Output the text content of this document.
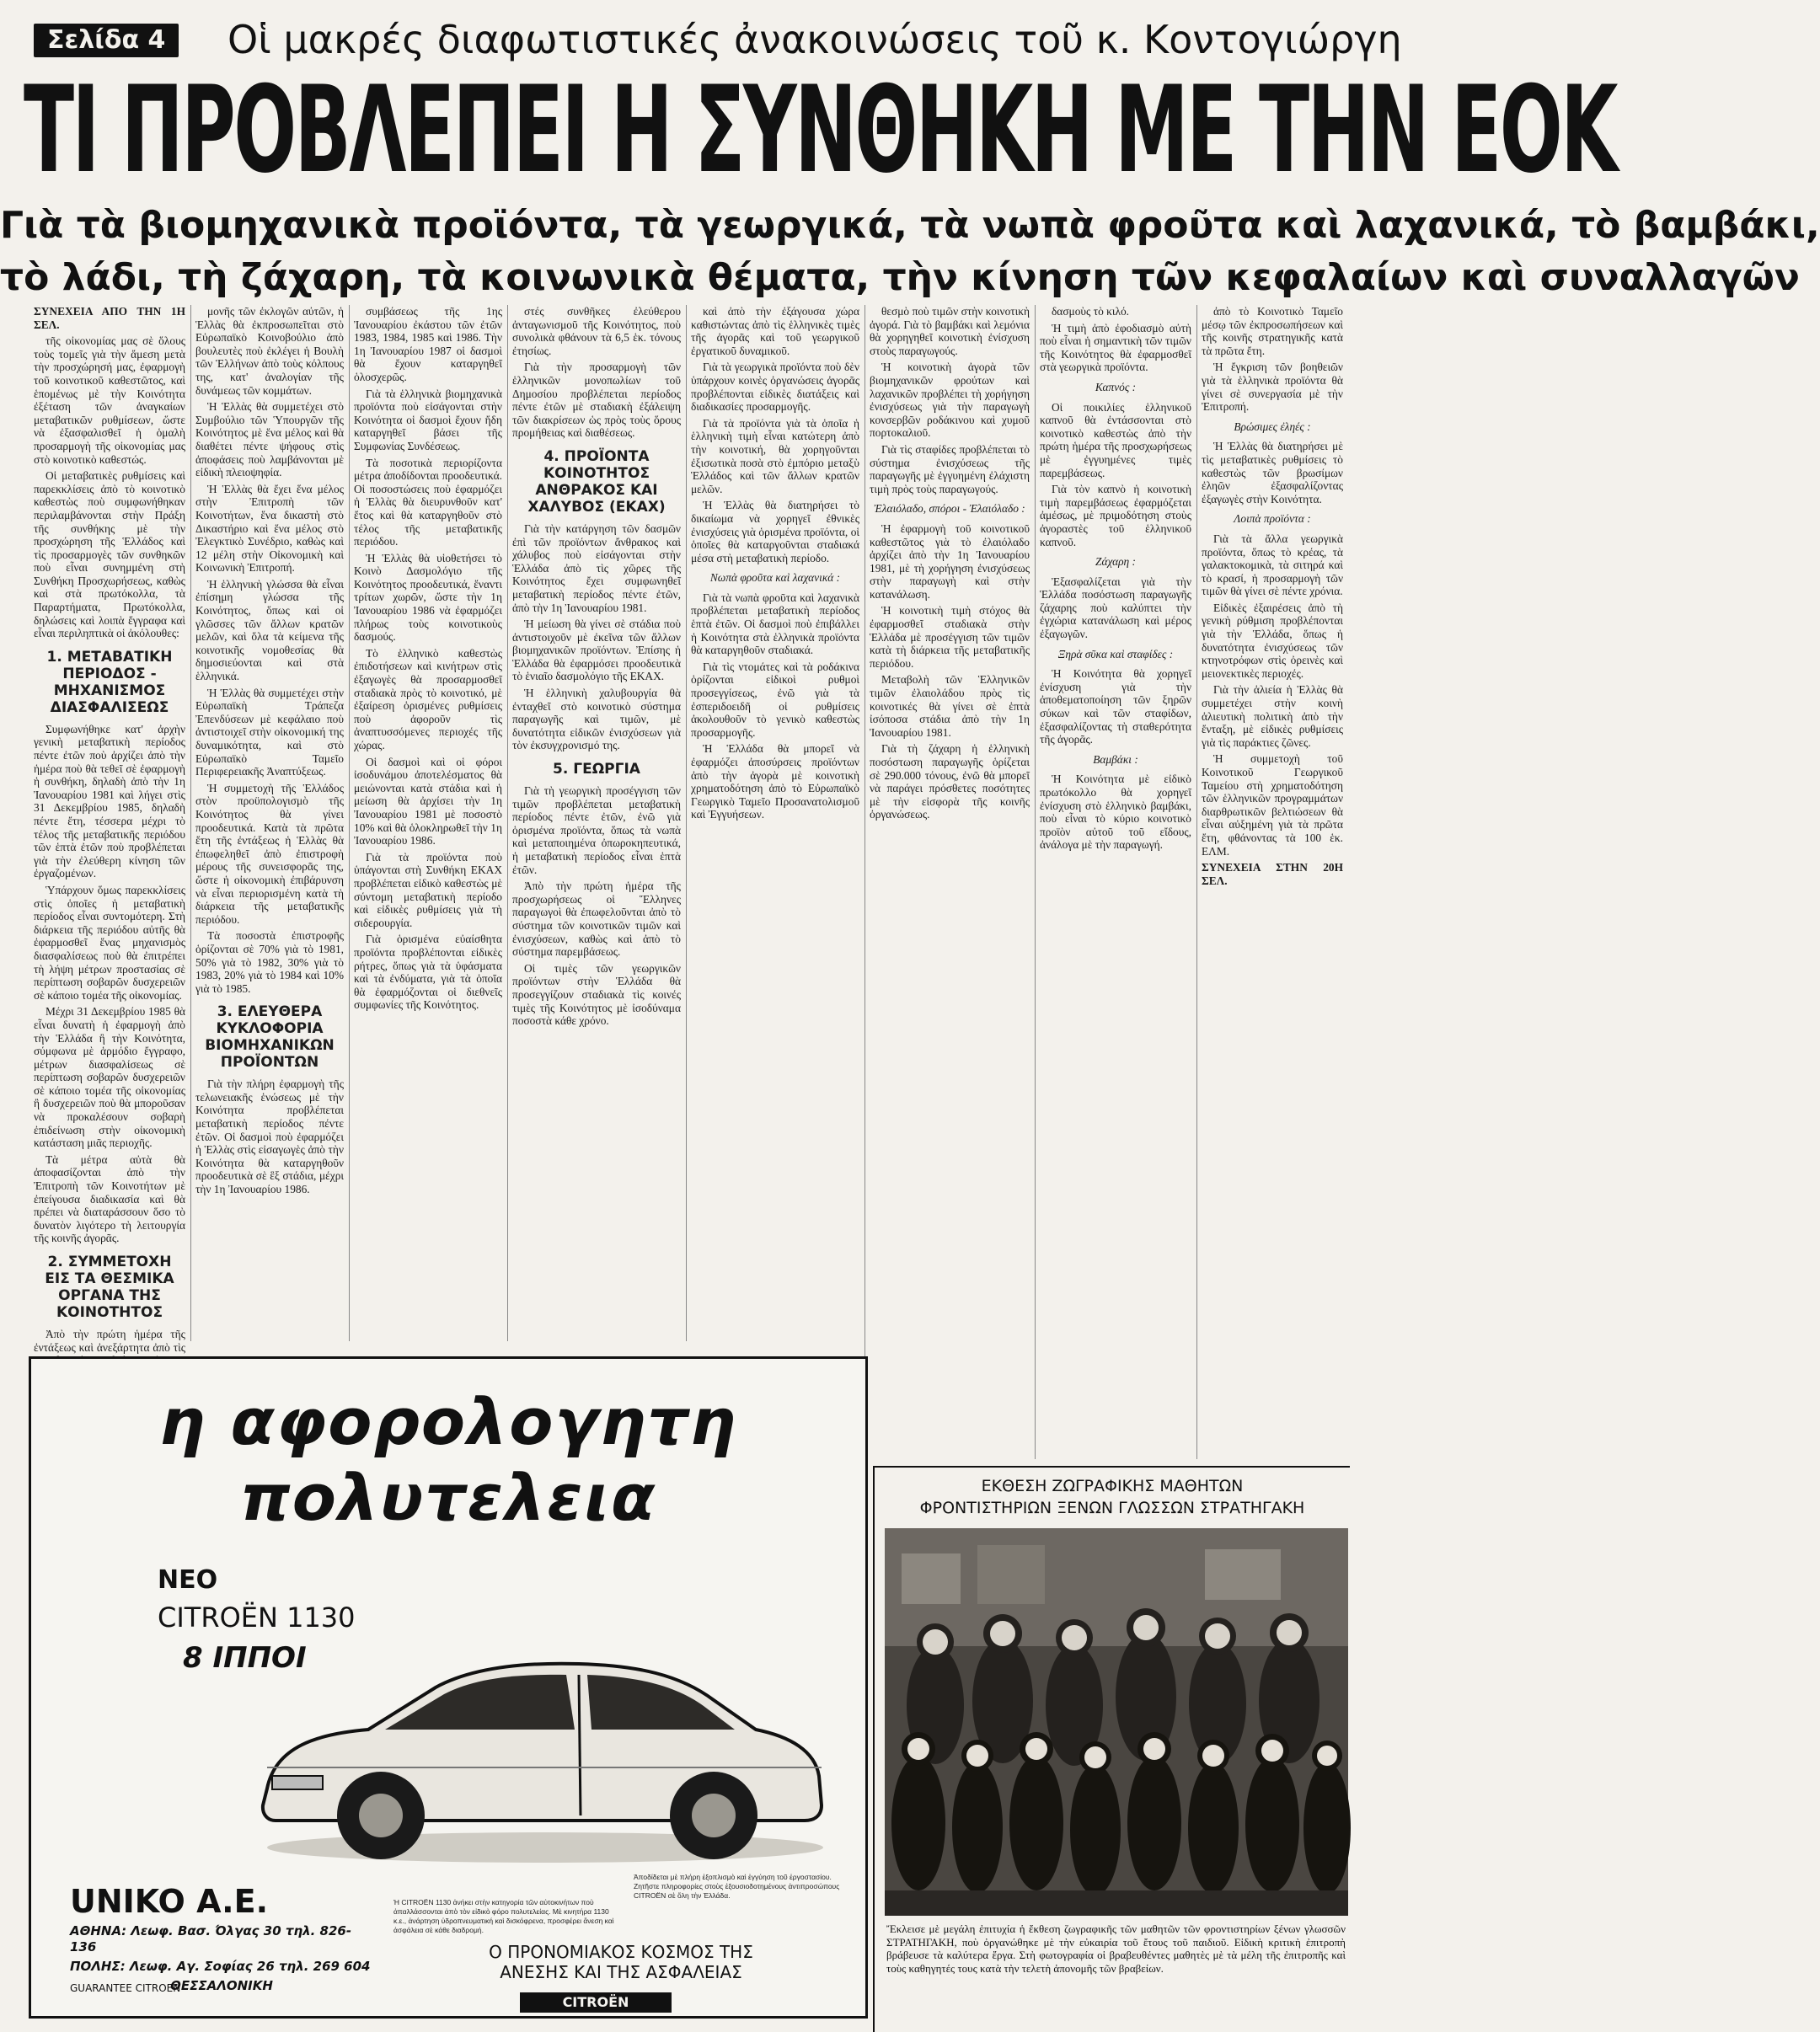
Σελίδα 4	Οἱ μακρές διαφωτιστικές ἀνακοινώσεις τοῦ κ. Κοντογιώργη
ΤΙ ΠΡΟΒΛΕΠΕΙ Η ΣΥΝΘΗΚΗ ΜΕ ΤΗΝ ΕΟΚ
Γιὰ τὰ βιομηχανικὰ προϊόντα, τὰ γεωργικά, τὰ νωπὰ φροῦτα καὶ λαχανικά, τὸ βαμβάκι,
τὸ λάδι, τὴ ζάχαρη, τὰ κοινωνικὰ θέματα, τὴν κίνηση τῶν κεφαλαίων καὶ συναλλαγῶν

ΣΥΝΕΧΕΙΑ ΑΠΟ ΤΗΝ 1Η ΣΕΛ.

τῆς οἰκονομίας μας σὲ ὅλους τοὺς τομεῖς γιὰ τὴν ἄμεση μετὰ τὴν προσχώρησή μας, ἐφαρμογὴ τοῦ κοινοτικοῦ καθεστῶτος, καὶ ἑπομένως μὲ τὴν Κοινότητα ἐξέταση τῶν ἀναγκαίων μεταβατικῶν ρυθμίσεων, ὥστε νὰ ἐξασφαλισθεῖ ἡ ὁμαλὴ προσαρμογὴ τῆς οἰκονομίας μας στὸ κοινοτικὸ καθεστώς.

Οἱ μεταβατικὲς ρυθμίσεις καὶ παρεκκλίσεις ἀπὸ τὸ κοινοτικὸ καθεστὼς ποὺ συμφωνήθηκαν περιλαμβάνονται στὴν Πράξη τῆς συνθήκης μὲ τὴν προσχώρηση τῆς Ἑλλάδος καὶ τὶς προσαρμογὲς τῶν συνθηκῶν ποὺ εἶναι συνημμένη στὴ Συνθήκη Προσχωρήσεως, καθὼς καὶ στὰ πρωτόκολλα, τὰ Παραρτήματα, Πρωτόκολλα, δηλώσεις καὶ λοιπὰ ἔγγραφα καὶ εἶναι περιληπτικὰ οἱ ἀκόλουθες:

1. ΜΕΤΑΒΑΤΙΚΗ ΠΕΡΙΟΔΟΣ - ΜΗΧΑΝΙΣΜΟΣ ΔΙΑΣΦΑΛΙΣΕΩΣ

Συμφωνήθηκε κατ' ἀρχὴν γενικὴ μεταβατικὴ περίοδος πέντε ἐτῶν ποὺ ἀρχίζει ἀπὸ τὴν ἡμέρα ποὺ θὰ τεθεῖ σὲ ἐφαρμογὴ ἡ συνθήκη, δηλαδὴ ἀπὸ τὴν 1η Ἰανουαρίου 1981 καὶ λήγει στὶς 31 Δεκεμβρίου 1985, δηλαδὴ πέντε ἔτη, τέσσερα μέχρι τὸ τέλος τῆς μεταβατικῆς περιόδου τῶν ἑπτὰ ἐτῶν ποὺ προβλέπεται γιὰ τὴν ἐλεύθερη κίνηση τῶν ἐργαζομένων.

Ὑπάρχουν ὅμως παρεκκλίσεις στὶς ὁποῖες ἡ μεταβατικὴ περίοδος εἶναι συντομότερη. Στὴ διάρκεια τῆς περιόδου αὐτῆς θὰ ἐφαρμοσθεῖ ἕνας μηχανισμὸς διασφαλίσεως ποὺ θὰ ἐπιτρέπει τὴ λήψη μέτρων προστασίας σὲ περίπτωση σοβαρῶν δυσχερειῶν σὲ κάποιο τομέα τῆς οἰκονομίας.

Μέχρι 31 Δεκεμβρίου 1985 θὰ εἶναι δυνατὴ ἡ ἐφαρμογὴ ἀπὸ τὴν Ἑλλάδα ἢ τὴν Κοινότητα, σύμφωνα μὲ ἁρμόδιο ἔγγραφο, μέτρων διασφαλίσεως σὲ περίπτωση σοβαρῶν δυσχερειῶν σὲ κάποιο τομέα τῆς οἰκονομίας ἢ δυσχερειῶν ποὺ θὰ μποροῦσαν νὰ προκαλέσουν σοβαρὴ ἐπιδείνωση στὴν οἰκονομικὴ κατάσταση μιᾶς περιοχῆς.

Τὰ μέτρα αὐτὰ θὰ ἀποφασίζονται ἀπὸ τὴν Ἐπιτροπὴ τῶν Κοινοτήτων μὲ ἐπείγουσα διαδικασία καὶ θὰ πρέπει νὰ διαταράσσουν ὅσο τὸ δυνατὸν λιγότερο τὴ λειτουργία τῆς κοινῆς ἀγορᾶς.

2. ΣΥΜΜΕΤΟΧΗ ΕΙΣ ΤΑ ΘΕΣΜΙΚΑ ΟΡΓΑΝΑ ΤΗΣ ΚΟΙΝΟΤΗΤΟΣ

Ἀπὸ τὴν πρώτη ἡμέρα τῆς ἐντάξεως καὶ ἀνεξάρτητα ἀπὸ τὶς

μονῆς τῶν ἐκλογῶν αὐτῶν, ἡ Ἑλλὰς θὰ ἐκπροσωπεῖται στὸ Εὐρωπαϊκὸ Κοινοβούλιο ἀπὸ βουλευτὲς ποὺ ἐκλέγει ἡ Βουλὴ τῶν Ἑλλήνων ἀπὸ τοὺς κόλπους της, κατ' ἀναλογίαν τῆς δυνάμεως τῶν κομμάτων.

Ἡ Ἑλλὰς θὰ συμμετέχει στὸ Συμβούλιο τῶν Ὑπουργῶν τῆς Κοινότητος μὲ ἕνα μέλος καὶ θὰ διαθέτει πέντε ψήφους στὶς ἀποφάσεις ποὺ λαμβάνονται μὲ εἰδικὴ πλειοψηφία.

Ἡ Ἑλλὰς θὰ ἔχει ἕνα μέλος στὴν Ἐπιτροπὴ τῶν Κοινοτήτων, ἕνα δικαστὴ στὸ Δικαστήριο καὶ ἕνα μέλος στὸ Ἐλεγκτικὸ Συνέδριο, καθὼς καὶ 12 μέλη στὴν Οἰκονομικὴ καὶ Κοινωνικὴ Ἐπιτροπή.

Ἡ ἑλληνικὴ γλώσσα θὰ εἶναι ἐπίσημη γλώσσα τῆς Κοινότητος, ὅπως καὶ οἱ γλῶσσες τῶν ἄλλων κρατῶν μελῶν, καὶ ὅλα τὰ κείμενα τῆς κοινοτικῆς νομοθεσίας θὰ δημοσιεύονται καὶ στὰ ἑλληνικά.

Ἡ Ἑλλὰς θὰ συμμετέχει στὴν Εὐρωπαϊκὴ Τράπεζα Ἐπενδύσεων μὲ κεφάλαιο ποὺ ἀντιστοιχεῖ στὴν οἰκονομική της δυναμικότητα, καὶ στὸ Εὐρωπαϊκὸ Ταμεῖο Περιφερειακῆς Ἀναπτύξεως.

Ἡ συμμετοχὴ τῆς Ἑλλάδος στὸν προϋπολογισμὸ τῆς Κοινότητος θὰ γίνει προοδευτικά. Κατὰ τὰ πρῶτα ἔτη τῆς ἐντάξεως ἡ Ἑλλὰς θὰ ἐπωφεληθεῖ ἀπὸ ἐπιστροφὴ μέρους τῆς συνεισφορᾶς της, ὥστε ἡ οἰκονομικὴ ἐπιβάρυνση νὰ εἶναι περιορισμένη κατὰ τὴ διάρκεια τῆς μεταβατικῆς περιόδου.

Τὰ ποσοστὰ ἐπιστροφῆς ὁρίζονται σὲ 70% γιὰ τὸ 1981, 50% γιὰ τὸ 1982, 30% γιὰ τὸ 1983, 20% γιὰ τὸ 1984 καὶ 10% γιὰ τὸ 1985.

3. ΕΛΕΥΘΕΡΑ ΚΥΚΛΟΦΟΡΙΑ ΒΙΟΜΗΧΑΝΙΚΩΝ ΠΡΟΪΟΝΤΩΝ

Γιὰ τὴν πλήρη ἐφαρμογὴ τῆς τελωνειακῆς ἑνώσεως μὲ τὴν Κοινότητα προβλέπεται μεταβατικὴ περίοδος πέντε ἐτῶν. Οἱ δασμοὶ ποὺ ἐφαρμόζει ἡ Ἑλλὰς στὶς εἰσαγωγὲς ἀπὸ τὴν Κοινότητα θὰ καταργηθοῦν προοδευτικὰ σὲ ἓξ στάδια, μέχρι τὴν 1η Ἰανουαρίου 1986.

συμβάσεως τῆς 1ης Ἰανουαρίου ἐκάστου τῶν ἐτῶν 1983, 1984, 1985 καὶ 1986. Τὴν 1η Ἰανουαρίου 1987 οἱ δασμοὶ θὰ ἔχουν καταργηθεῖ ὁλοσχερῶς.

Γιὰ τὰ ἑλληνικὰ βιομηχανικὰ προϊόντα ποὺ εἰσάγονται στὴν Κοινότητα οἱ δασμοὶ ἔχουν ἤδη καταργηθεῖ βάσει τῆς Συμφωνίας Συνδέσεως.

Τὰ ποσοτικὰ περιορίζοντα μέτρα ἀποδίδονται προοδευτικά. Οἱ ποσοστώσεις ποὺ ἐφαρμόζει ἡ Ἑλλὰς θὰ διευρυνθοῦν κατ' ἔτος καὶ θὰ καταργηθοῦν στὸ τέλος τῆς μεταβατικῆς περιόδου.

Ἡ Ἑλλὰς θὰ υἱοθετήσει τὸ Κοινὸ Δασμολόγιο τῆς Κοινότητος προοδευτικά, ἔναντι τρίτων χωρῶν, ὥστε τὴν 1η Ἰανουαρίου 1986 νὰ ἐφαρμόζει πλήρως τοὺς κοινοτικοὺς δασμούς.

Τὸ ἑλληνικὸ καθεστὼς ἐπιδοτήσεων καὶ κινήτρων στὶς ἐξαγωγὲς θὰ προσαρμοσθεῖ σταδιακὰ πρὸς τὸ κοινοτικό, μὲ ἐξαίρεση ὁρισμένες ρυθμίσεις ποὺ ἀφοροῦν τὶς ἀναπτυσσόμενες περιοχές τῆς χώρας.

Οἱ δασμοὶ καὶ οἱ φόροι ἰσοδυνάμου ἀποτελέσματος θὰ μειώνονται κατὰ στάδια καὶ ἡ μείωση θὰ ἀρχίσει τὴν 1η Ἰανουαρίου 1981 μὲ ποσοστὸ 10% καὶ θὰ ὁλοκληρωθεῖ τὴν 1η Ἰανουαρίου 1986.

Γιὰ τὰ προϊόντα ποὺ ὑπάγονται στὴ Συνθήκη ΕΚΑΧ προβλέπεται εἰδικὸ καθεστὼς μὲ σύντομη μεταβατικὴ περίοδο καὶ εἰδικὲς ρυθμίσεις γιὰ τὴ σιδερουργία.

Γιὰ ὁρισμένα εὐαίσθητα προϊόντα προβλέπονται εἰδικὲς ρήτρες, ὅπως γιὰ τὰ ὑφάσματα καὶ τὰ ἐνδύματα, γιὰ τὰ ὁποῖα θὰ ἐφαρμόζονται οἱ διεθνεῖς συμφωνίες τῆς Κοινότητος.

στές συνθῆκες ἐλεύθερου ἀνταγωνισμοῦ τῆς Κοινότητος, ποὺ συνολικὰ φθάνουν τὰ 6,5 ἑκ. τόνους ἐτησίως.

Γιὰ τὴν προσαρμογὴ τῶν ἑλληνικῶν μονοπωλίων τοῦ Δημοσίου προβλέπεται περίοδος πέντε ἐτῶν μὲ σταδιακὴ ἐξάλειψη τῶν διακρίσεων ὡς πρὸς τοὺς ὅρους προμήθειας καὶ διαθέσεως.

4. ΠΡΟΪΟΝΤΑ ΚΟΙΝΟΤΗΤΟΣ ΑΝΘΡΑΚΟΣ ΚΑΙ ΧΑΛΥΒΟΣ (ΕΚΑΧ)

Γιὰ τὴν κατάργηση τῶν δασμῶν ἐπὶ τῶν προϊόντων ἄνθρακος καὶ χάλυβος ποὺ εἰσάγονται στὴν Ἑλλάδα ἀπὸ τὶς χῶρες τῆς Κοινότητος ἔχει συμφωνηθεῖ μεταβατικὴ περίοδος πέντε ἐτῶν, ἀπὸ τὴν 1η Ἰανουαρίου 1981.

Ἡ μείωση θὰ γίνει σὲ στάδια ποὺ ἀντιστοιχοῦν μὲ ἐκεῖνα τῶν ἄλλων βιομηχανικῶν προϊόντων. Ἐπίσης ἡ Ἑλλάδα θὰ ἐφαρμόσει προοδευτικὰ τὸ ἑνιαῖο δασμολόγιο τῆς ΕΚΑΧ.

Ἡ ἑλληνικὴ χαλυβουργία θὰ ἐνταχθεῖ στὸ κοινοτικὸ σύστημα παραγωγῆς καὶ τιμῶν, μὲ δυνατότητα εἰδικῶν ἐνισχύσεων γιὰ τὸν ἐκσυγχρονισμό της.

5. ΓΕΩΡΓΙΑ

Γιὰ τὴ γεωργικὴ προσέγγιση τῶν τιμῶν προβλέπεται μεταβατικὴ περίοδος πέντε ἐτῶν, ἐνῶ γιὰ ὁρισμένα προϊόντα, ὅπως τὰ νωπὰ καὶ μεταποιημένα ὀπωροκηπευτικά, ἡ μεταβατικὴ περίοδος εἶναι ἑπτὰ ἐτῶν.

Ἀπὸ τὴν πρώτη ἡμέρα τῆς προσχωρήσεως οἱ Ἕλληνες παραγωγοὶ θὰ ἐπωφελοῦνται ἀπὸ τὸ σύστημα τῶν κοινοτικῶν τιμῶν καὶ ἐνισχύσεων, καθὼς καὶ ἀπὸ τὸ σύστημα παρεμβάσεως.

Οἱ τιμὲς τῶν γεωργικῶν προϊόντων στὴν Ἑλλάδα θὰ προσεγγίζουν σταδιακὰ τὶς κοινές τιμὲς τῆς Κοινότητος μὲ ἰσοδύναμα ποσοστὰ κάθε χρόνο.

καὶ ἀπὸ τὴν ἐξάγουσα χώρα καθιστώντας ἀπὸ τὶς ἑλληνικὲς τιμὲς τῆς ἀγορᾶς καὶ τοῦ γεωργικοῦ ἐργατικοῦ δυναμικοῦ.

Γιὰ τὰ γεωργικὰ προϊόντα ποὺ δὲν ὑπάρχουν κοινὲς ὀργανώσεις ἀγορᾶς προβλέπονται εἰδικὲς διατάξεις καὶ διαδικασίες προσαρμογῆς.

Γιὰ τὰ προϊόντα γιὰ τὰ ὁποῖα ἡ ἑλληνικὴ τιμὴ εἶναι κατώτερη ἀπὸ τὴν κοινοτική, θὰ χορηγοῦνται ἐξισωτικὰ ποσὰ στὸ ἐμπόριο μεταξὺ Ἑλλάδος καὶ τῶν ἄλλων κρατῶν μελῶν.

Ἡ Ἑλλὰς θὰ διατηρήσει τὸ δικαίωμα νὰ χορηγεῖ ἐθνικὲς ἐνισχύσεις γιὰ ὁρισμένα προϊόντα, οἱ ὁποῖες θὰ καταργοῦνται σταδιακά μέσα στὴ μεταβατικὴ περίοδο.

Νωπὰ φροῦτα καὶ λαχανικά :

Γιὰ τὰ νωπὰ φροῦτα καὶ λαχανικὰ προβλέπεται μεταβατικὴ περίοδος ἑπτὰ ἐτῶν. Οἱ δασμοὶ ποὺ ἐπιβάλλει ἡ Κοινότητα στὰ ἑλληνικὰ προϊόντα θὰ καταργηθοῦν σταδιακά.

Γιὰ τὶς ντομάτες καὶ τὰ ροδάκινα ὁρίζονται εἰδικοὶ ρυθμοὶ προσεγγίσεως, ἐνῶ γιὰ τὰ ἐσπεριδοειδῆ οἱ ρυθμίσεις ἀκολουθοῦν τὸ γενικὸ καθεστὼς προσαρμογῆς.

Ἡ Ἑλλάδα θὰ μπορεῖ νὰ ἐφαρμόζει ἀποσύρσεις προϊόντων ἀπὸ τὴν ἀγορὰ μὲ κοινοτικὴ χρηματοδότηση ἀπὸ τὸ Εὐρωπαϊκὸ Γεωργικὸ Ταμεῖο Προσανατολισμοῦ καὶ Ἐγγυήσεων.

θεσμὸ ποὺ τιμῶν στὴν κοινοτικὴ ἀγορά. Γιὰ τὸ βαμβάκι καὶ λεμόνια θὰ χορηγηθεῖ κοινοτικὴ ἐνίσχυση στοὺς παραγωγούς.

Ἡ κοινοτικὴ ἀγορὰ τῶν βιομηχανικῶν φρούτων καὶ λαχανικῶν προβλέπει τὴ χορήγηση ἐνισχύσεως γιὰ τὴν παραγωγὴ κονσερβῶν ροδάκινου καὶ χυμοῦ πορτοκαλιοῦ.

Γιὰ τὶς σταφίδες προβλέπεται τὸ σύστημα ἐνισχύσεως τῆς παραγωγῆς μὲ ἐγγυημένη ἐλάχιστη τιμὴ πρὸς τοὺς παραγωγούς.

Ἐλαιόλαδο, σπόροι - Ἐλαιόλαδο :

Ἡ ἐφαρμογὴ τοῦ κοινοτικοῦ καθεστῶτος γιὰ τὸ ἐλαιόλαδο ἀρχίζει ἀπὸ τὴν 1η Ἰανουαρίου 1981, μὲ τὴ χορήγηση ἐνισχύσεως στὴν παραγωγὴ καὶ στὴν κατανάλωση.

Ἡ κοινοτικὴ τιμὴ στόχος θὰ ἐφαρμοσθεῖ σταδιακὰ στὴν Ἑλλάδα μὲ προσέγγιση τῶν τιμῶν κατὰ τὴ διάρκεια τῆς μεταβατικῆς περιόδου.

Μεταβολὴ τῶν Ἑλληνικῶν τιμῶν ἐλαιολάδου πρὸς τὶς κοινοτικές θὰ γίνει σὲ ἑπτὰ ἰσόποσα στάδια ἀπὸ τὴν 1η Ἰανουαρίου 1981.

Γιὰ τὴ ζάχαρη ἡ ἑλληνικὴ ποσόστωση παραγωγῆς ὁρίζεται σὲ 290.000 τόνους, ἐνῶ θὰ μπορεῖ νὰ παράγει πρόσθετες ποσότητες μὲ τὴν εἰσφορὰ τῆς κοινῆς ὀργανώσεως.

δασμοὺς τὸ κιλό.

Ἡ τιμὴ ἀπὸ ἐφοδιασμὸ αὐτὴ ποὺ εἶναι ἡ σημαντικὴ τῶν τιμῶν τῆς Κοινότητος θὰ ἐφαρμοσθεῖ στὰ γεωργικὰ προϊόντα.

Καπνός :

Οἱ ποικιλίες ἑλληνικοῦ καπνοῦ θὰ ἐντάσσονται στὸ κοινοτικὸ καθεστὼς ἀπὸ τὴν πρώτη ἡμέρα τῆς προσχωρήσεως μὲ ἐγγυημένες τιμὲς παρεμβάσεως.

Γιὰ τὸν καπνὸ ἡ κοινοτικὴ τιμὴ παρεμβάσεως ἐφαρμόζεται ἀμέσως, μὲ πριμοδότηση στοὺς ἀγοραστὲς τοῦ ἑλληνικοῦ καπνοῦ.

Ζάχαρη :

Ἐξασφαλίζεται γιὰ τὴν Ἑλλάδα ποσόστωση παραγωγῆς ζάχαρης ποὺ καλύπτει τὴν ἐγχώρια κατανάλωση καὶ μέρος ἐξαγωγῶν.

Ξηρὰ σῦκα καὶ σταφίδες :

Ἡ Κοινότητα θὰ χορηγεῖ ἐνίσχυση γιὰ τὴν ἀποθεματοποίηση τῶν ξηρῶν σύκων καὶ τῶν σταφίδων, ἐξασφαλίζοντας τὴ σταθερότητα τῆς ἀγορᾶς.

Βαμβάκι :

Ἡ Κοινότητα μὲ εἰδικὸ πρωτόκολλο θὰ χορηγεῖ ἐνίσχυση στὸ ἑλληνικὸ βαμβάκι, ποὺ εἶναι τὸ κύριο κοινοτικὸ προϊὸν αὐτοῦ τοῦ εἴδους, ἀνάλογα μὲ τὴν παραγωγή.

ἀπὸ τὸ Κοινοτικὸ Ταμεῖο μέσῳ τῶν ἐκπροσωπήσεων καὶ τῆς κοινῆς στρατηγικῆς κατὰ τὰ πρῶτα ἔτη.

Ἡ ἔγκριση τῶν βοηθειῶν γιὰ τὰ ἑλληνικὰ προϊόντα θὰ γίνει σὲ συνεργασία μὲ τὴν Ἐπιτροπή.

Βρώσιμες ἐληές :

Ἡ Ἑλλὰς θὰ διατηρήσει μὲ τὶς μεταβατικὲς ρυθμίσεις τὸ καθεστὼς τῶν βρωσίμων ἐληῶν ἐξασφαλίζοντας ἐξαγωγὲς στὴν Κοινότητα.

Λοιπὰ προϊόντα :

Γιὰ τὰ ἄλλα γεωργικὰ προϊόντα, ὅπως τὸ κρέας, τὰ γαλακτοκομικὰ, τὰ σιτηρά καὶ τὸ κρασί, ἡ προσαρμογὴ τῶν τιμῶν θὰ γίνει σὲ πέντε χρόνια.

Εἰδικὲς ἐξαιρέσεις ἀπὸ τὴ γενικὴ ρύθμιση προβλέπονται γιὰ τὴν Ἑλλάδα, ὅπως ἡ δυνατότητα ἐνισχύσεως τῶν κτηνοτρόφων στὶς ὀρεινὲς καὶ μειονεκτικὲς περιοχές.

Γιὰ τὴν ἁλιεία ἡ Ἑλλὰς θὰ συμμετέχει στὴν κοινὴ ἁλιευτικὴ πολιτικὴ ἀπὸ τὴν ἔνταξη, μὲ εἰδικὲς ρυθμίσεις γιὰ τὶς παράκτιες ζῶνες.

Ἡ συμμετοχὴ τοῦ Κοινοτικοῦ Γεωργικοῦ Ταμείου στὴ χρηματοδότηση τῶν ἑλληνικῶν προγραμμάτων διαρθρωτικῶν βελτιώσεων θὰ εἶναι αὐξημένη γιὰ τὰ πρῶτα ἔτη, φθάνοντας τὰ 100 ἑκ. ΕΛΜ.

ΣΥΝΕΧΕΙΑ ΣΤΗΝ 20Η ΣΕΛ.

η αφορολογητη
πολυτελεια
ΝΕΟ
CITROËN 1130
8 ΙΠΠΟΙ
UNIKO A.E.
ΑΘΗΝΑ: Λεωφ. Βασ. Όλγας 30 τηλ. 826-136
ΠΟΛΗΣ: Λεωφ. Αγ. Σοφίας 26 τηλ. 269 604
ΘΕΣΣΑΛΟΝΙΚΗ
GUARANTEE CITROEN
Ἡ CITROËN 1130 ἀνήκει στὴν κατηγορία τῶν αὐτοκινήτων ποὺ ἀπαλλάσσονται ἀπὸ τὸν εἰδικὸ φόρο πολυτελείας. Μὲ κινητήρα 1130 κ.ε., ἀνάρτηση ὑδροπνευματική καὶ δισκόφρενα, προσφέρει ἄνεση καὶ ἀσφάλεια σὲ κάθε διαδρομή.
Ἀποδίδεται μὲ πλήρη ἐξοπλισμὸ καὶ ἐγγύηση τοῦ ἐργοστασίου. Ζητῆστε πληροφορίες στοὺς ἐξουσιοδοτημένους ἀντιπροσώπους CITROËN σὲ ὅλη τὴν Ἑλλάδα.
Ο ΠΡΟΝΟΜΙΑΚΟΣ ΚΟΣΜΟΣ ΤΗΣ
ΑΝΕΣΗΣ ΚΑΙ ΤΗΣ ΑΣΦΑΛΕΙΑΣ
CITROËN
ΕΚΘΕΣΗ ΖΩΓΡΑΦΙΚΗΣ ΜΑΘΗΤΩΝ
ΦΡΟΝΤΙΣΤΗΡΙΩΝ ΞΕΝΩΝ ΓΛΩΣΣΩΝ ΣΤΡΑΤΗΓΑΚΗ
Ἔκλεισε μὲ μεγάλη ἐπιτυχία ἡ ἔκθεση ζωγραφικῆς τῶν μαθητῶν τῶν φροντιστηρίων ξένων γλωσσῶν ΣΤΡΑΤΗΓΑΚΗ, ποὺ ὀργανώθηκε μὲ τὴν εὐκαιρία τοῦ ἔτους τοῦ παιδιοῦ. Εἰδικὴ κριτικὴ ἐπιτροπὴ βράβευσε τὰ καλύτερα ἔργα. Στὴ φωτογραφία οἱ βραβευθέντες μαθητὲς μὲ τὰ μέλη τῆς ἐπιτροπῆς καὶ τοὺς καθηγητές τους κατὰ τὴν τελετὴ ἀπονομῆς τῶν βραβείων.
